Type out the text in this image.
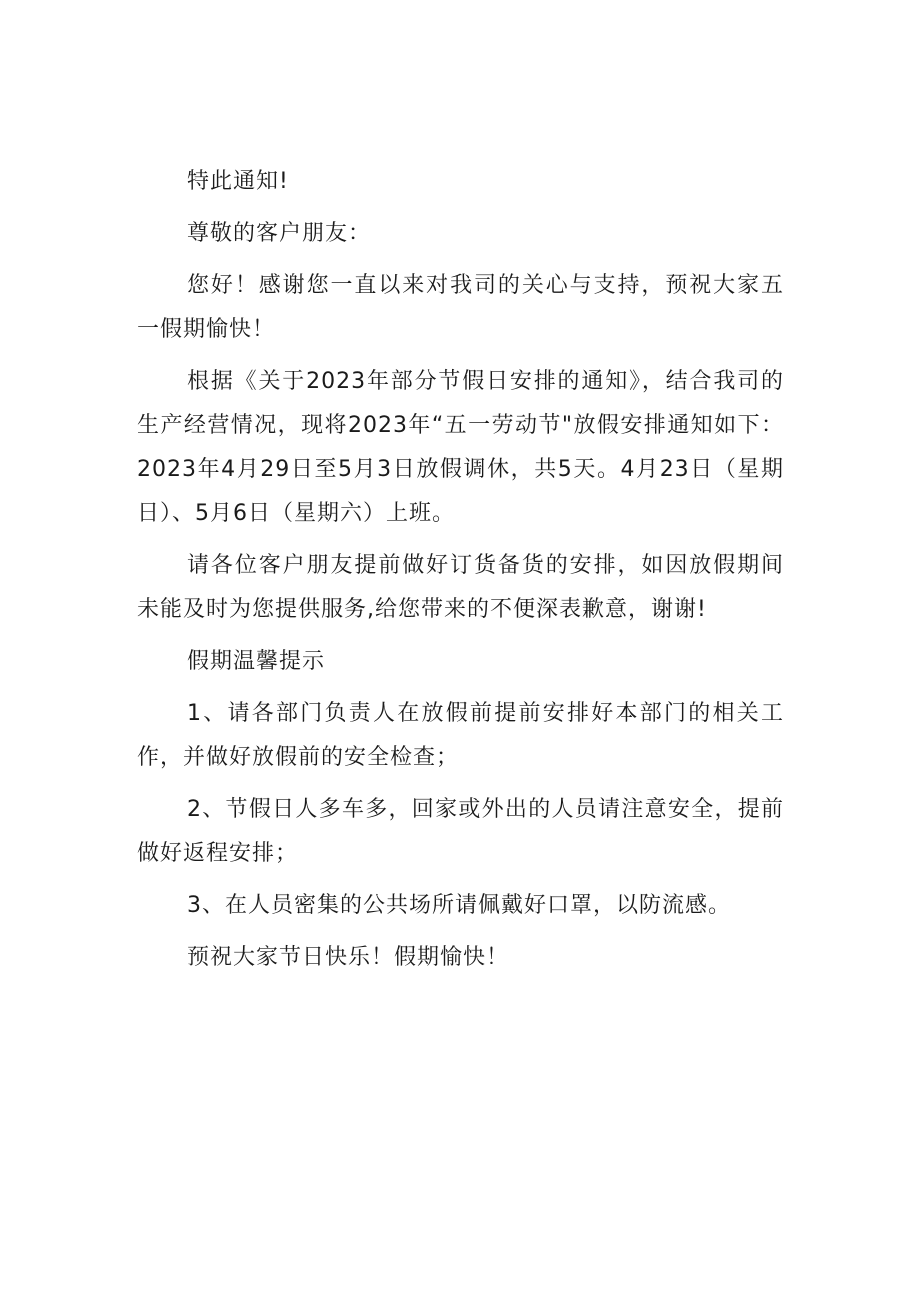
特此通知!

尊敬的客户朋友：

您好！感谢您一直以来对我司的关心与支持，预祝大家五一假期愉快！

根据《关于2023年部分节假日安排的通知》，结合我司的生产经营情况，现将2023年“五一劳动节"放假安排通知如下：2023年4月29日至5月3日放假调休，共5天。4月23日（星期日）、5月6日（星期六）上班。

请各位客户朋友提前做好订货备货的安排，如因放假期间未能及时为您提供服务,给您带来的不便深表歉意，谢谢!

假期温馨提示

1、请各部门负责人在放假前提前安排好本部门的相关工作，并做好放假前的安全检查；

2、节假日人多车多，回家或外出的人员请注意安全，提前做好返程安排；

3、在人员密集的公共场所请佩戴好口罩，以防流感。

预祝大家节日快乐！假期愉快！
